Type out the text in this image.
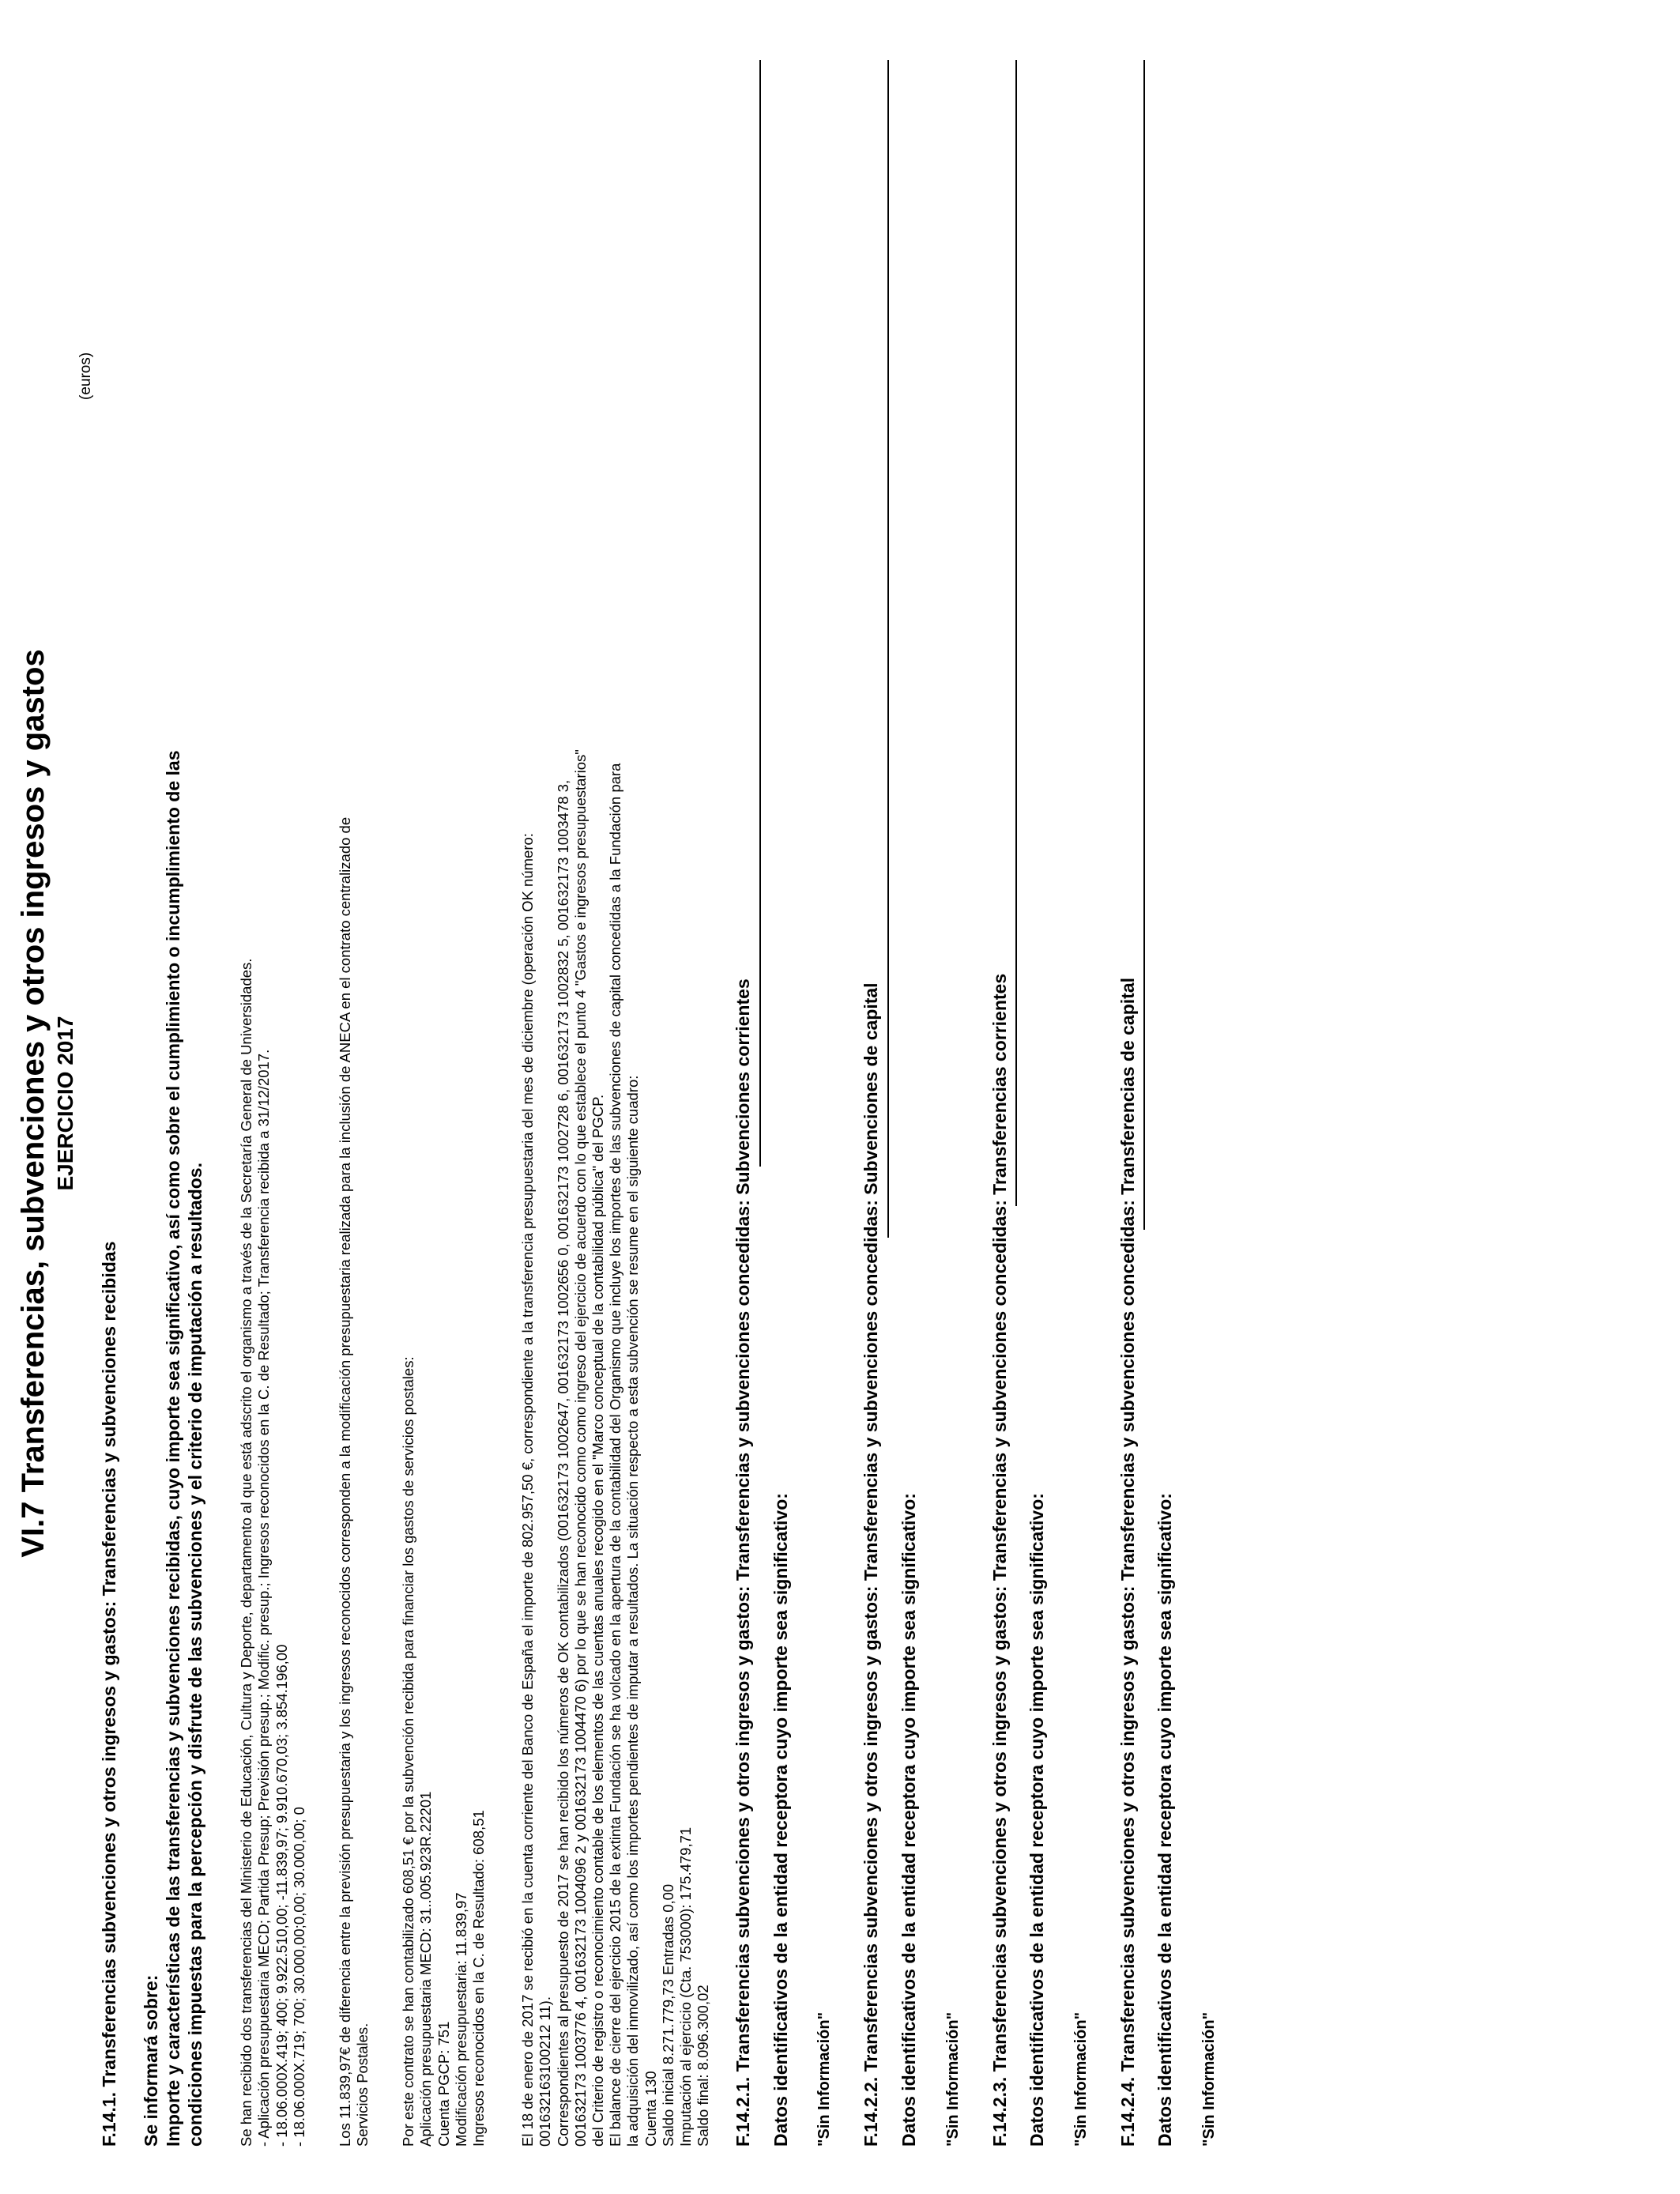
VI.7 Transferencias, subvenciones y otros ingresos y gastos EJERCICIO 2017
(euros)

F.14.1. Transferencias subvenciones y otros ingresos y gastos: Transferencias y subvenciones recibidas Se informará sobre: Importe y características de las transferencias y subvenciones recibidas, cuyo importe sea significativo, así como sobre el cumplimiento o incumplimiento de las condiciones impuestas para la percepción y disfrute de las subvenciones y el criterio de imputación a resultados. Se han recibido dos transferencias del Ministerio de Educación, Cultura y Deporte, departamento al que está adscrito el organismo a través de la Secretaría General de Universidades.
- Aplicación presupuestaria MECD; Partida Presup; Previsión presup.; Modific. presup.; Ingresos reconocidos en la C. de Resultado; Transferencia recibida a 31/12/2017.
- 18.06.000X.419; 400; 9.922.510,00; -11.839,97; 9.910.670,03; 3.854.196,00
- 18.06.000X.719; 700; 30.000,00;0,00; 30.000,00; 0

Los 11.839,97€ de diferencia entre la previsión presupuestaria y los ingresos reconocidos corresponden a la modificación presupuestaria realizada para la inclusión de ANECA en el contrato centralizado de
Servicios Postales.

Por este contrato se han contabilizado 608,51 € por la subvención recibida para financiar los gastos de servicios postales:
Aplicación presupuestaria MECD: 31..005.923R.22201
Cuenta PGCP: 751
Modificación presupuestaria: 11.839,97
Ingresos reconocidos en la C. de Resultado: 608,51

El 18 de enero de 2017 se recibió en la cuenta corriente del Banco de España el importe de 802.957,50 €, correspondiente a la transferencia presupuestaria del mes de diciembre (operación OK número:
001632163100212 11).
Correspondientes al presupuesto de 2017 se han recibido los números de OK contabilizados (001632173 1002647, 001632173 1002656 0, 001632173 1002728 6, 001632173 1002832 5, 001632173 1003478 3,
001632173 1003776 4, 001632173 1004096 2 y 001632173 1004470 6) por lo que se han reconocido como como ingreso del ejercicio de acuerdo con lo que establece el punto 4 "Gastos e ingresos presupuestarios"
del Criterio de registro o reconocimiento contable de los elementos de las cuentas anuales recogido en el "Marco conceptual de la contabilidad pública" del PGCP.
El balance de cierre del ejercicio 2015 de la extinta Fundación se ha volcado en la apertura de la contabilidad del Organismo que incluye los importes de las subvenciones de capital concedidas a la Fundación para
la adquisición del inmovilizado, así como los importes pendientes de imputar a resultados. La situación respecto a esta subvención se resume en el siguiente cuadro:
Cuenta 130
Saldo inicial 8.271.779,73 Entradas 0,00
Imputación al ejercicio (Cta. 753000): 175.479,71
Saldo final: 8.096.300,02 F.14.2.1. Transferencias subvenciones y otros ingresos y gastos: Transferencias y subvenciones concedidas: Subvenciones corrientes Datos identificativos de la entidad receptora cuyo importe sea significativo: "Sin Información" F.14.2.2. Transferencias subvenciones y otros ingresos y gastos: Transferencias y subvenciones concedidas: Subvenciones de capital Datos identificativos de la entidad receptora cuyo importe sea significativo: "Sin Información" F.14.2.3. Transferencias subvenciones y otros ingresos y gastos: Transferencias y subvenciones concedidas: Transferencias corrientes Datos identificativos de la entidad receptora cuyo importe sea significativo: "Sin Información" F.14.2.4. Transferencias subvenciones y otros ingresos y gastos: Transferencias y subvenciones concedidas: Transferencias de capital Datos identificativos de la entidad receptora cuyo importe sea significativo: "Sin Información"
